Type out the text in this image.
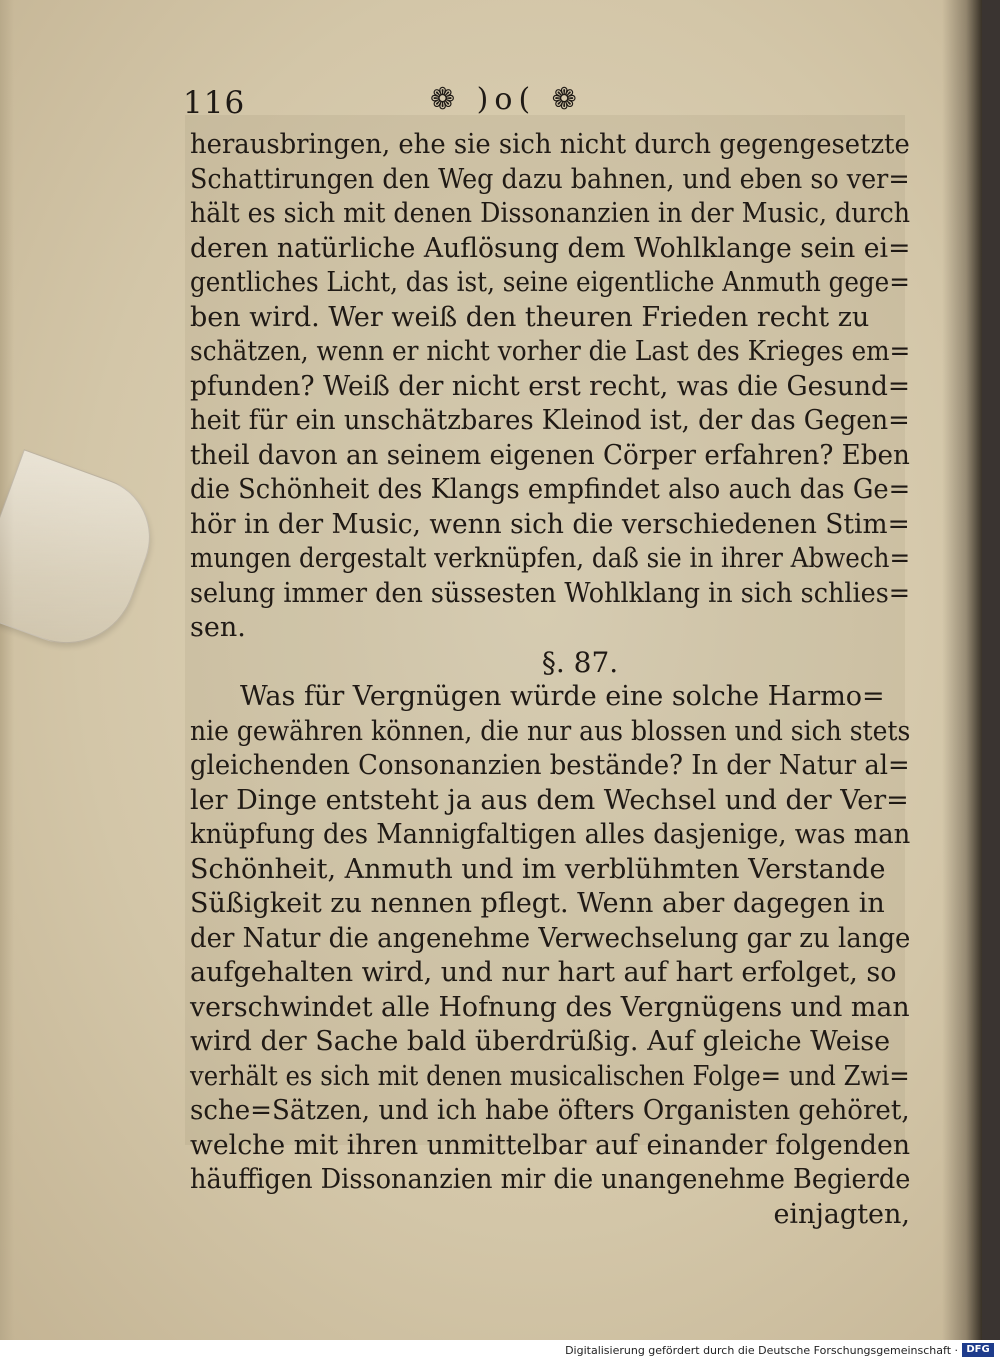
116	❁ )o( ❁
herausbringen, ehe sie sich nicht durch gegengesetzte
Schattirungen den Weg dazu bahnen, und eben so ver=
hält es sich mit denen Dissonanzien in der Music, durch
deren natürliche Auflösung dem Wohlklange sein ei=
gentliches Licht, das ist, seine eigentliche Anmuth gege=
ben wird. Wer weiß den theuren Frieden recht zu
schätzen, wenn er nicht vorher die Last des Krieges em=
pfunden? Weiß der nicht erst recht, was die Gesund=
heit für ein unschätzbares Kleinod ist, der das Gegen=
theil davon an seinem eigenen Cörper erfahren? Eben
die Schönheit des Klangs empfindet also auch das Ge=
hör in der Music, wenn sich die verschiedenen Stim=
mungen dergestalt verknüpfen, daß sie in ihrer Abwech=
selung immer den süssesten Wohlklang in sich schlies=
sen.
§. 87.
Was für Vergnügen würde eine solche Harmo=
nie gewähren können, die nur aus blossen und sich stets
gleichenden Consonanzien bestände? In der Natur al=
ler Dinge entsteht ja aus dem Wechsel und der Ver=
knüpfung des Mannigfaltigen alles dasjenige, was man
Schönheit, Anmuth und im verblühmten Verstande
Süßigkeit zu nennen pflegt. Wenn aber dagegen in
der Natur die angenehme Verwechselung gar zu lange
aufgehalten wird, und nur hart auf hart erfolget, so
verschwindet alle Hofnung des Vergnügens und man
wird der Sache bald überdrüßig. Auf gleiche Weise
verhält es sich mit denen musicalischen Folge= und Zwi=
sche=Sätzen, und ich habe öfters Organisten gehöret,
welche mit ihren unmittelbar auf einander folgenden
häuffigen Dissonanzien mir die unangenehme Begierde
einjagten,
Digitalisierung gefördert durch die Deutsche Forschungsgemeinschaft · DFG
